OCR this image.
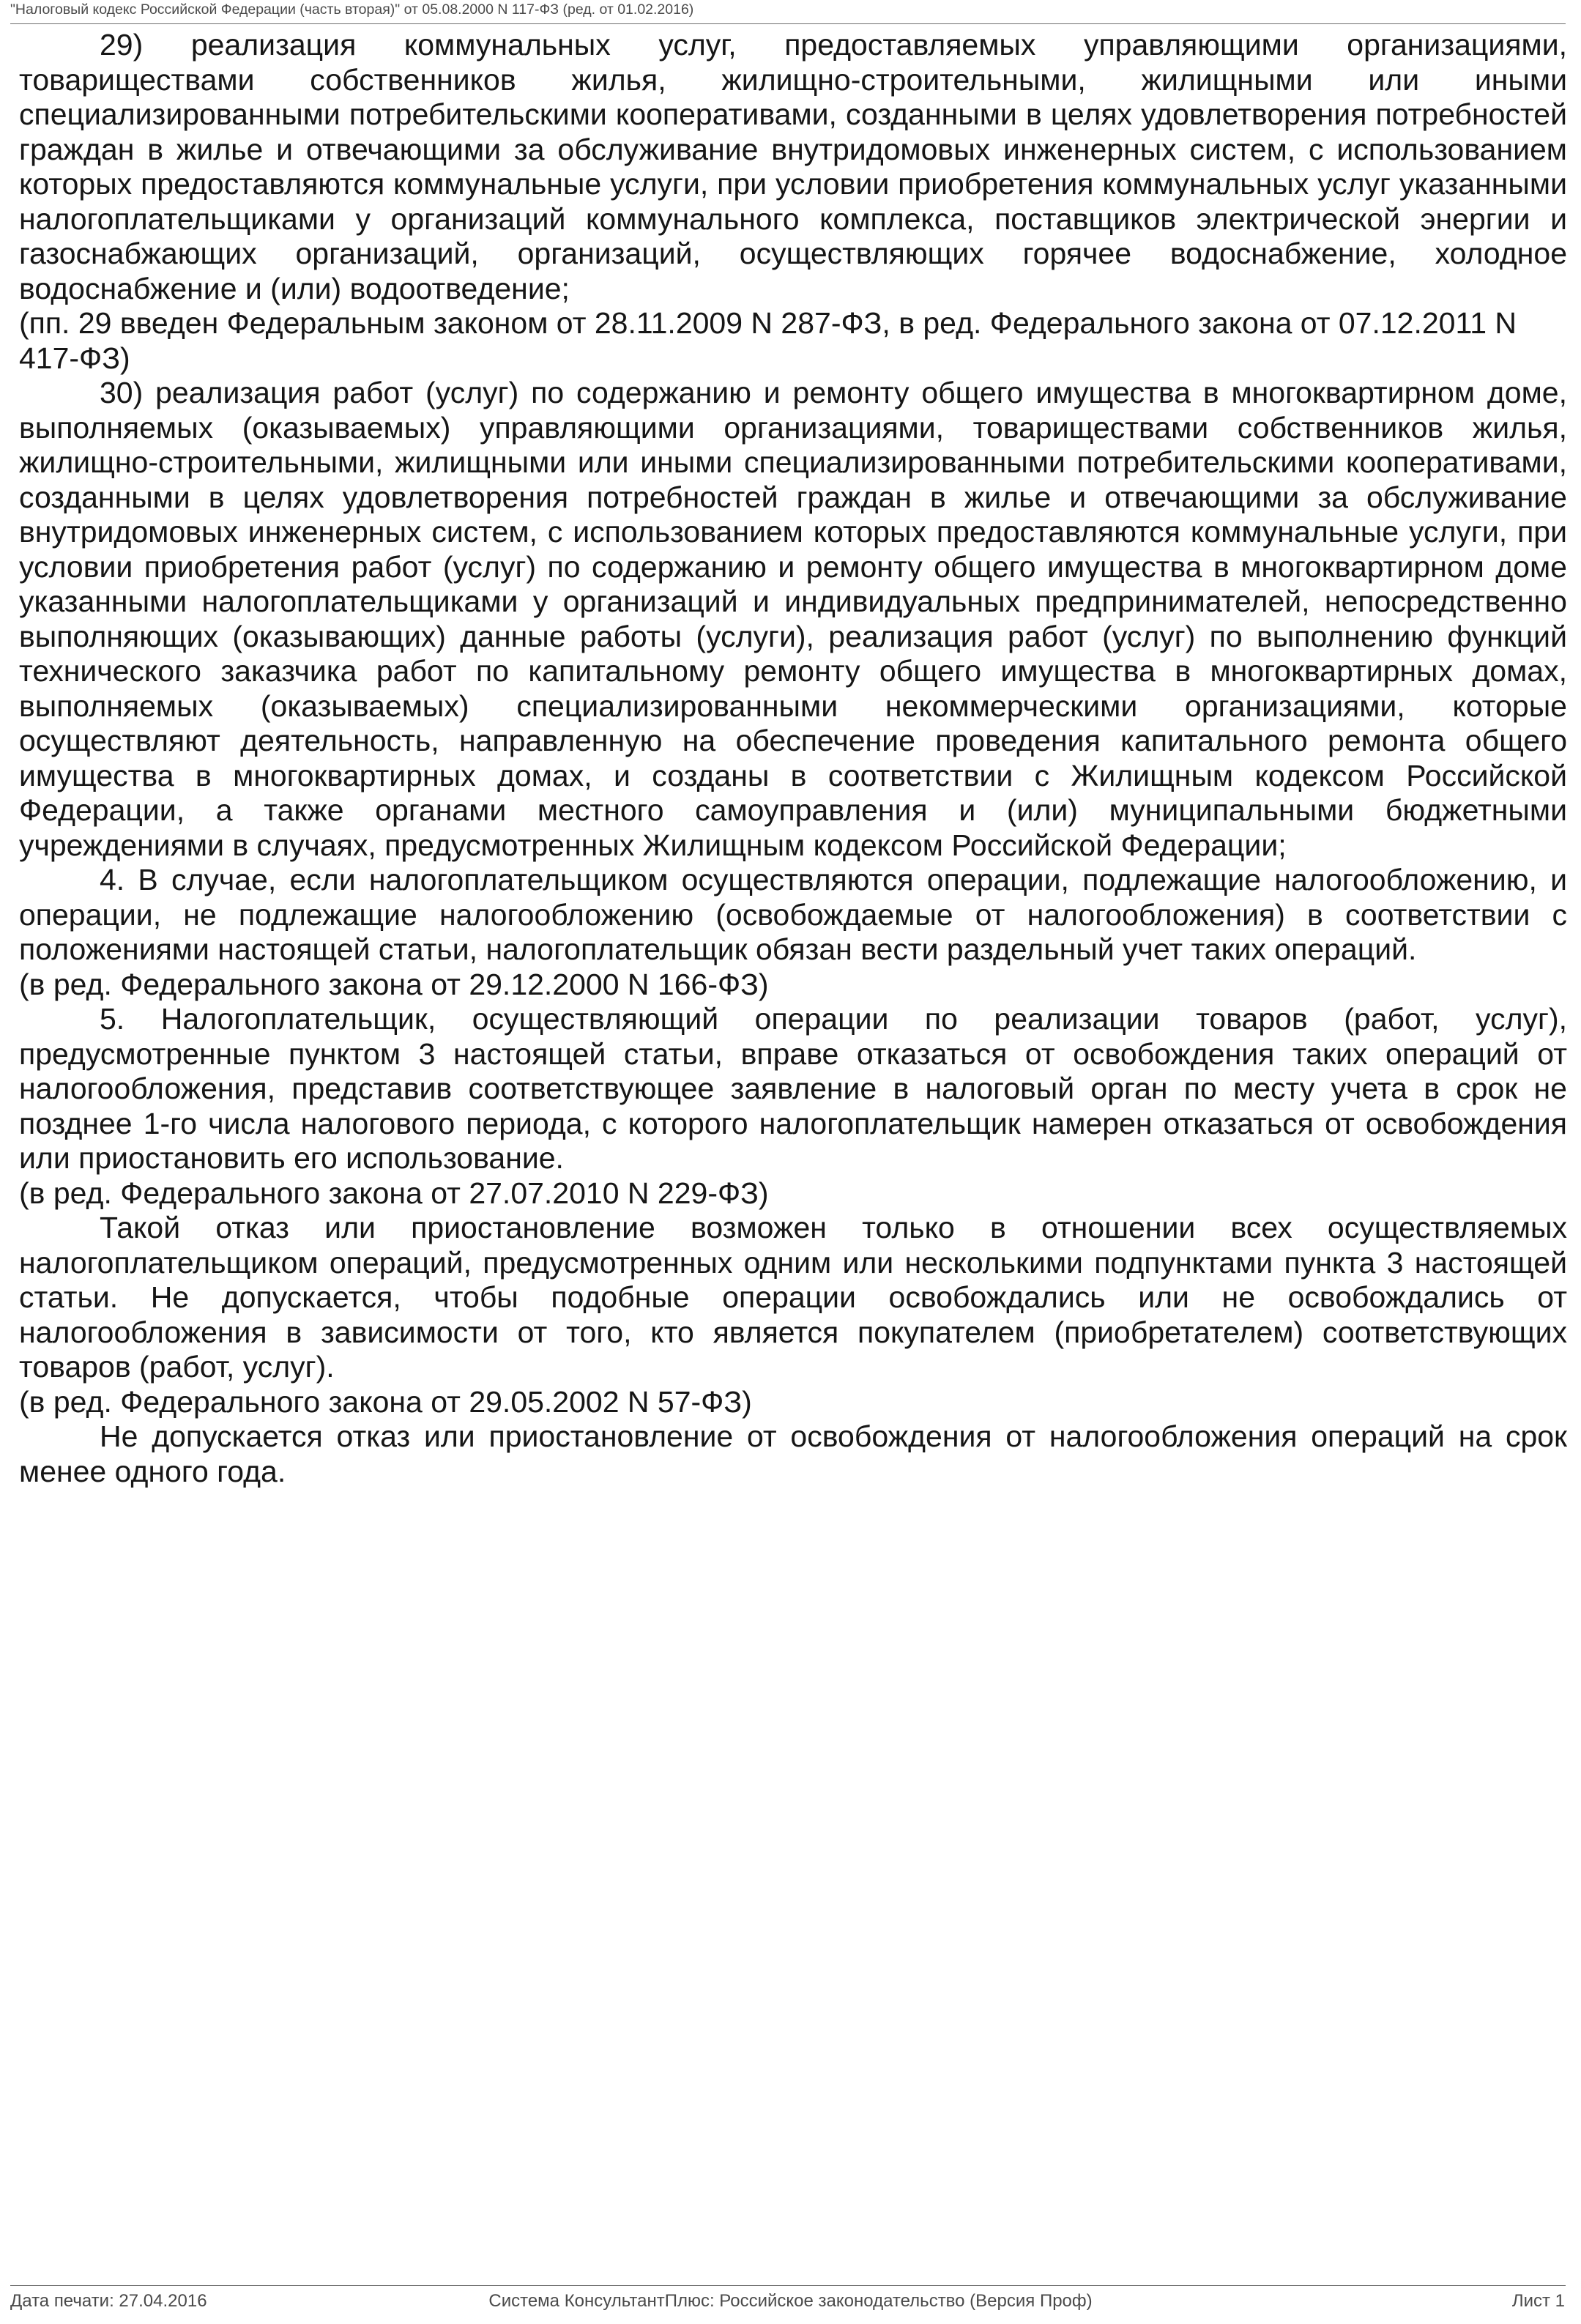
"Налоговый кодекс Российской Федерации (часть вторая)" от 05.08.2000 N 117-ФЗ (ред. от 01.02.2016)

29) реализация коммунальных услуг, предоставляемых управляющими организациями, товариществами собственников жилья, жилищно-строительными, жилищными или иными специализированными потребительскими кооперативами, созданными в целях удовлетворения потребностей граждан в жилье и отвечающими за обслуживание внутридомовых инженерных систем, с использованием которых предоставляются коммунальные услуги, при условии приобретения коммунальных услуг указанными налогоплательщиками у организаций коммунального комплекса, поставщиков электрической энергии и газоснабжающих организаций, организаций, осуществляющих горячее водоснабжение, холодное водоснабжение и (или) водоотведение;

(пп. 29 введен Федеральным законом от 28.11.2009 N 287-ФЗ, в ред. Федерального закона от 07.12.2011 N 417-ФЗ)

30) реализация работ (услуг) по содержанию и ремонту общего имущества в многоквартирном доме, выполняемых (оказываемых) управляющими организациями, товариществами собственников жилья, жилищно-строительными, жилищными или иными специализированными потребительскими кооперативами, созданными в целях удовлетворения потребностей граждан в жилье и отвечающими за обслуживание внутридомовых инженерных систем, с использованием которых предоставляются коммунальные услуги, при условии приобретения работ (услуг) по содержанию и ремонту общего имущества в многоквартирном доме указанными налогоплательщиками у организаций и индивидуальных предпринимателей, непосредственно выполняющих (оказывающих) данные работы (услуги), реализация работ (услуг) по выполнению функций технического заказчика работ по капитальному ремонту общего имущества в многоквартирных домах, выполняемых (оказываемых) специализированными некоммерческими организациями, которые осуществляют деятельность, направленную на обеспечение проведения капитального ремонта общего имущества в многоквартирных домах, и созданы в соответствии с Жилищным кодексом Российской Федерации, а также органами местного самоуправления и (или) муниципальными бюджетными учреждениями в случаях, предусмотренных Жилищным кодексом Российской Федерации;

4. В случае, если налогоплательщиком осуществляются операции, подлежащие налогообложению, и операции, не подлежащие налогообложению (освобождаемые от налогообложения) в соответствии с положениями настоящей статьи, налогоплательщик обязан вести раздельный учет таких операций.

(в ред. Федерального закона от 29.12.2000 N 166-ФЗ)

5. Налогоплательщик, осуществляющий операции по реализации товаров (работ, услуг), предусмотренные пунктом 3 настоящей статьи, вправе отказаться от освобождения таких операций от налогообложения, представив соответствующее заявление в налоговый орган по месту учета в срок не позднее 1-го числа налогового периода, с которого налогоплательщик намерен отказаться от освобождения или приостановить его использование.

(в ред. Федерального закона от 27.07.2010 N 229-ФЗ)

Такой отказ или приостановление возможен только в отношении всех осуществляемых налогоплательщиком операций, предусмотренных одним или несколькими подпунктами пункта 3 настоящей статьи. Не допускается, чтобы подобные операции освобождались или не освобождались от налогообложения в зависимости от того, кто является покупателем (приобретателем) соответствующих товаров (работ, услуг).

(в ред. Федерального закона от 29.05.2002 N 57-ФЗ)

Не допускается отказ или приостановление от освобождения от налогообложения операций на срок менее одного года.

Дата печати: 27.04.2016	Система КонсультантПлюс: Российское законодательство (Версия Проф)	Лист 1
